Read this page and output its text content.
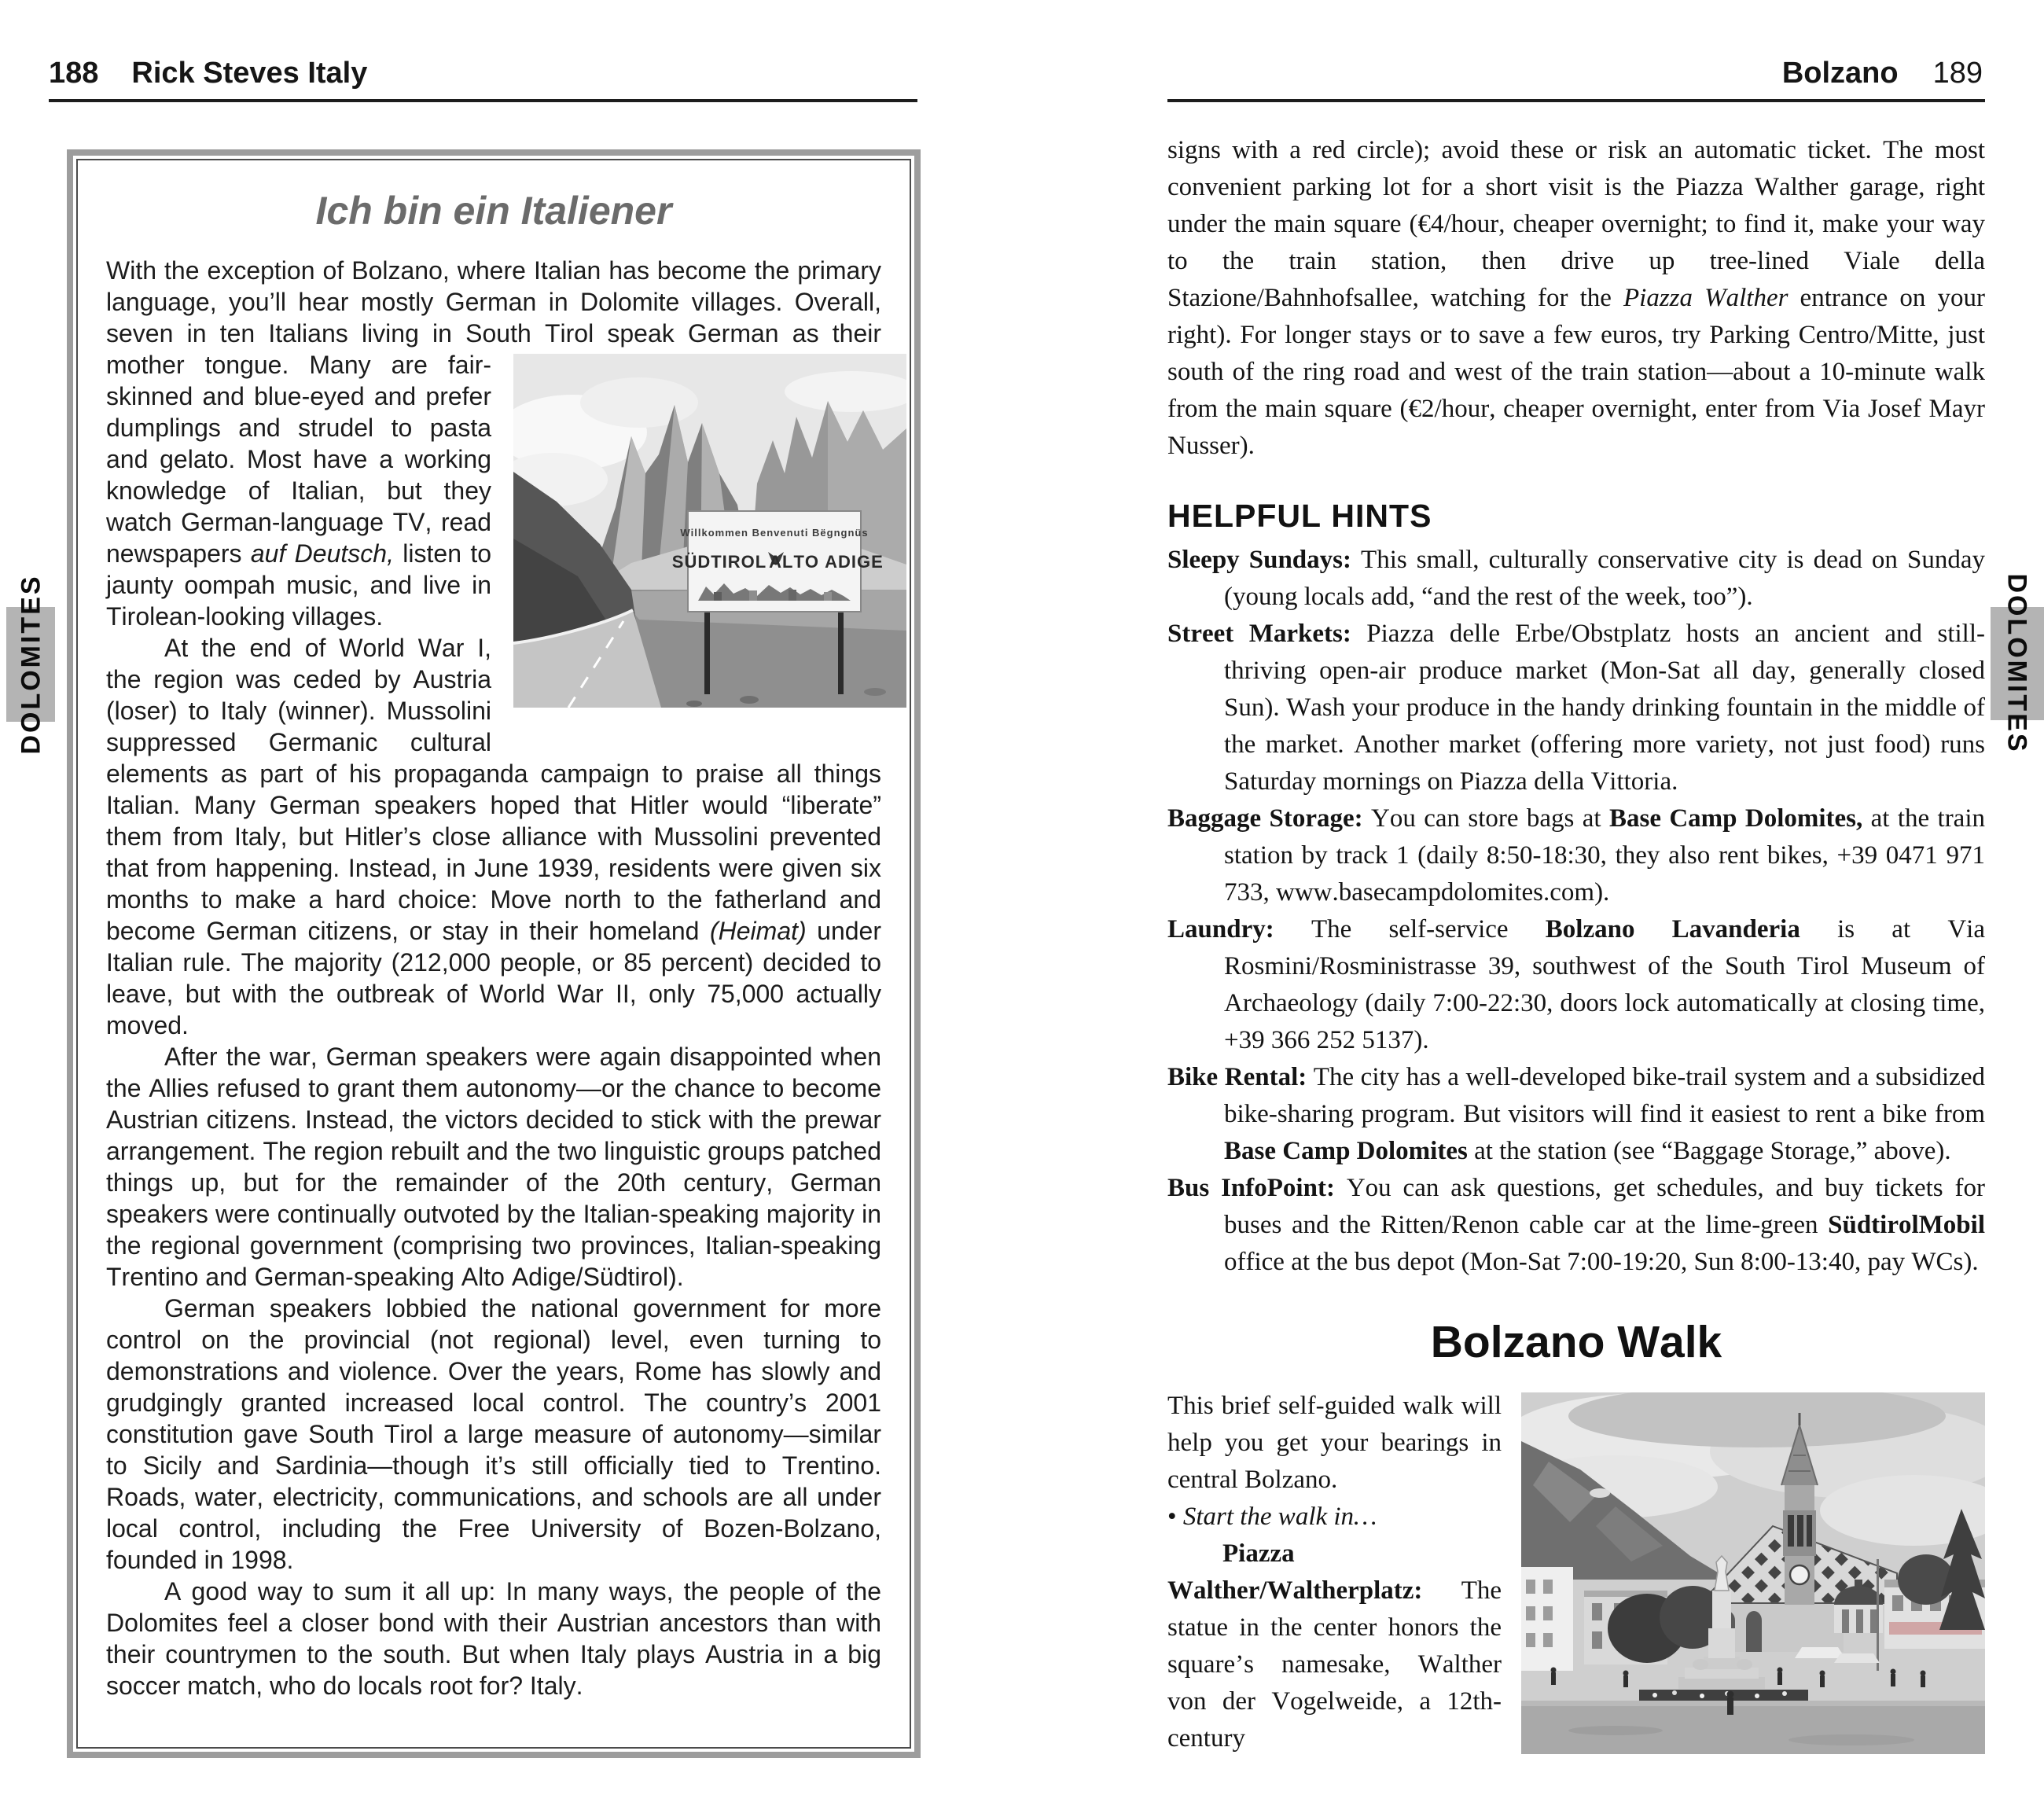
188 Rick Steves Italy
DOLOMITES
Ich bin ein Italiener

With the exception of Bolzano, where Italian has become the primary language, you’ll hear mostly German in Dolomite villages. Overall, seven in ten Italians living in South Tirol speak
Willkommen Benvenuti Bëgngnüs
SÜDTIROL ALTO ADIGE
German as their mother tongue. Many are fair-skinned and blue-eyed and prefer dumplings and strudel to pasta and gelato. Most have a working knowledge of Italian, but they watch German-language TV, read newspapers auf Deutsch, listen to jaunty oompah music, and live in Tirolean-looking villages.

At the end of World War I, the region was ceded by Austria (loser) to Italy (winner). Mussolini suppressed Germanic cultural elements as part of his propaganda campaign to praise all things Italian. Many German speakers hoped that Hitler would “liberate” them from Italy, but Hitler’s close alliance with Mussolini prevented that from happening. Instead, in June 1939, residents were given six months to make a hard choice: Move north to the fatherland and become German citizens, or stay in their homeland (Heimat) under Italian rule. The majority (212,000 people, or 85 percent) decided to leave, but with the outbreak of World War II, only 75,000 actually moved.

After the war, German speakers were again disappointed when the Allies refused to grant them autonomy—or the chance to become Austrian citizens. Instead, the victors decided to stick with the prewar arrangement. The region rebuilt and the two linguistic groups patched things up, but for the remainder of the 20th century, German speakers were continually outvoted by the Italian-speaking majority in the regional government (comprising two provinces, Italian-speaking Trentino and German-speaking Alto Adige/Südtirol).

German speakers lobbied the national government for more control on the provincial (not regional) level, even turning to demonstrations and violence. Over the years, Rome has slowly and grudgingly granted increased local control. The country’s 2001 constitution gave South Tirol a large measure of autonomy—similar to Sicily and Sardinia—though it’s still officially tied to Trentino. Roads, water, electricity, communications, and schools are all under local control, including the Free University of Bozen-Bolzano, founded in 1998.

A good way to sum it all up: In many ways, the people of the Dolomites feel a closer bond with their Austrian ancestors than with their countrymen to the south. But when Italy plays Austria in a big soccer match, who do locals root for? Italy.

Bolzano 189
DOLOMITES

signs with a red circle); avoid these or risk an automatic ticket. The most convenient parking lot for a short visit is the Piazza Walther garage, right under the main square (€4/hour, cheaper overnight; to find it, make your way to the train station, then drive up tree-lined Viale della Stazione/Bahnhofsallee, watching for the Piazza Walther entrance on your right). For longer stays or to save a few euros, try Parking Centro/Mitte, just south of the ring road and west of the train station—about a 10-minute walk from the main square (€2/hour, cheaper overnight, enter from Via Josef Mayr Nusser).

HELPFUL HINTS

Sleepy Sundays: This small, culturally conservative city is dead on Sunday (young locals add, “and the rest of the week, too”).

Street Markets: Piazza delle Erbe/Obstplatz hosts an ancient and still-thriving open-air produce market (Mon-Sat all day, generally closed Sun). Wash your produce in the handy drinking fountain in the middle of the market. Another market (offering more variety, not just food) runs Saturday mornings on Piazza della Vittoria.

Baggage Storage: You can store bags at Base Camp Dolomites, at the train station by track 1 (daily 8:50-18:30, they also rent bikes, +39 0471 971 733, www.basecampdolomites.com).

Laundry: The self-service Bolzano Lavanderia is at Via Rosmini/Rosministrasse 39, southwest of the South Tirol Museum of Archaeology (daily 7:00-22:30, doors lock automatically at closing time, +39 366 252 5137).

Bike Rental: The city has a well-developed bike-trail system and a subsidized bike-sharing program. But visitors will find it easiest to rent a bike from Base Camp Dolomites at the station (see “Baggage Storage,” above).

Bus InfoPoint: You can ask questions, get schedules, and buy tickets for buses and the Ritten/Renon cable car at the lime-green SüdtirolMobil office at the bus depot (Mon-Sat 7:00-19:20, Sun 8:00-13:40, pay WCs).

Bolzano Walk

This brief self-guided walk will help you get your bearings in central Bolzano.

• Start the walk in…

Piazza Walther/Waltherplatz: The statue in the center honors the square’s namesake, Walther von der Vogelweide, a 12th-century
